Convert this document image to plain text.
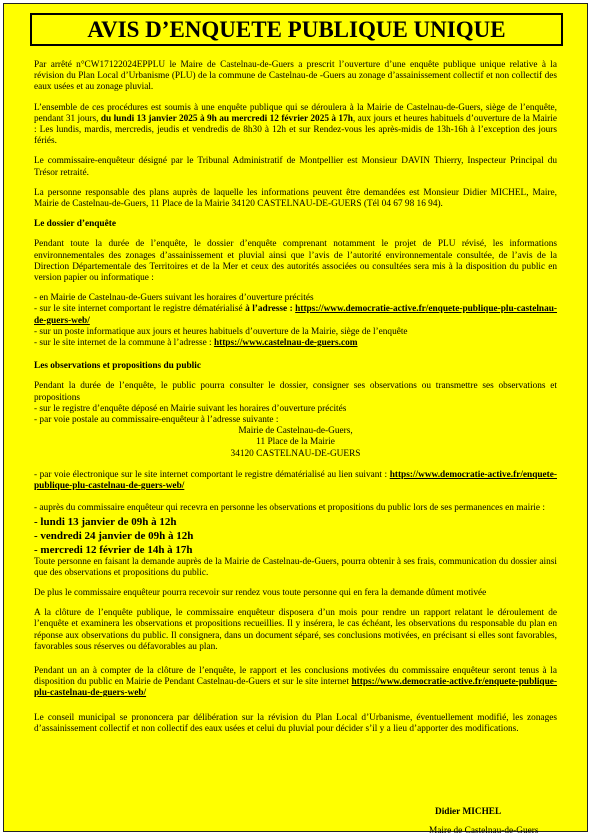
AVIS D’ENQUETE PUBLIQUE UNIQUE

Par arrêté n°CW17122024EPPLU le Maire de Castelnau-de-Guers a prescrit l’ouverture d’une enquête publique unique relative à la révision du Plan Local d’Urbanisme (PLU) de la commune de Castelnau-de -Guers au zonage d’assainissement collectif et non collectif des eaux usées et au zonage pluvial.

L’ensemble de ces procédures est soumis à une enquête publique qui se déroulera à la Mairie de Castelnau-de-Guers, siège de l’enquête, pendant 31 jours, du lundi 13 janvier 2025 à 9h au mercredi 12 février 2025 à 17h, aux jours et heures habituels d’ouverture de la Mairie : Les lundis, mardis, mercredis, jeudis et vendredis de 8h30 à 12h et sur Rendez-vous les après-midis de 13h-16h à l’exception des jours fériés.

Le commissaire-enquêteur désigné par le Tribunal Administratif de Montpellier est Monsieur DAVIN Thierry, Inspecteur Principal du Trésor retraité.

La personne responsable des plans auprès de laquelle les informations peuvent être demandées est Monsieur Didier MICHEL, Maire, Mairie de Castelnau-de-Guers, 11 Place de la Mairie 34120 CASTELNAU-DE-GUERS (Tél 04 67 98 16 94).

Le dossier d’enquête

Pendant toute la durée de l’enquête, le dossier d’enquête comprenant notamment le projet de PLU révisé, les informations environnementales des zonages d’assainissement et pluvial ainsi que l’avis de l’autorité environnementale consultée, de l’avis de la Direction Départementale des Territoires et de la Mer et ceux des autorités associées ou consultées sera mis à la disposition du public en version papier ou informatique :

- en Mairie de Castelnau-de-Guers suivant les horaires d’ouverture précités
- sur le site internet comportant le registre dématérialisé à l’adresse : https://www.democratie-active.fr/enquete-publique-plu-castelnau-de-guers-web/
- sur un poste informatique aux jours et heures habituels d’ouverture de la Mairie, siège de l’enquête
- sur le site internet de la commune à l’adresse : https://www.castelnau-de-guers.com

Les observations et propositions du public

Pendant la durée de l’enquête, le public pourra consulter le dossier, consigner ses observations ou transmettre ses observations et propositions

- sur le registre d’enquête déposé en Mairie suivant les horaires d’ouverture précités
- par voie postale au commissaire-enquêteur à l’adresse suivante :
Mairie de Castelnau-de-Guers,
11 Place de la Mairie
34120 CASTELNAU-DE-GUERS

- par voie électronique sur le site internet comportant le registre dématérialisé au lien suivant : https://www.democratie-active.fr/enquete-publique-plu-castelnau-de-guers-web/

- auprès du commissaire enquêteur qui recevra en personne les observations et propositions du public lors de ses permanences en mairie :

- lundi 13 janvier de 09h à 12h
- vendredi 24 janvier de 09h à 12h
- mercredi 12 février de 14h à 17h

Toute personne en faisant la demande auprès de la Mairie de Castelnau-de-Guers, pourra obtenir à ses frais, communication du dossier ainsi que des observations et propositions du public.

De plus le commissaire enquêteur pourra recevoir sur rendez vous toute personne qui en fera la demande dûment motivée

A la clôture de l’enquête publique, le commissaire enquêteur disposera d’un mois pour rendre un rapport relatant le déroulement de l’enquête et examinera les observations et propositions recueillies. Il y insérera, le cas échéant, les observations du responsable du plan en réponse aux observations du public. Il consignera, dans un document séparé, ses conclusions motivées, en précisant si elles sont favorables, favorables sous réserves ou défavorables au plan.

Pendant un an à compter de la clôture de l’enquête, le rapport et les conclusions motivées du commissaire enquêteur seront tenus à la disposition du public en Mairie de Pendant Castelnau-de-Guers et sur le site internet https://www.democratie-active.fr/enquete-publique-plu-castelnau-de-guers-web/

Le conseil municipal se prononcera par délibération sur la révision du Plan Local d’Urbanisme, éventuellement modifié, les zonages d’assainissement collectif et non collectif des eaux usées et celui du pluvial pour décider s’il y a lieu d’apporter des modifications.

Didier MICHEL
Maire de Castelnau-de-Guers
